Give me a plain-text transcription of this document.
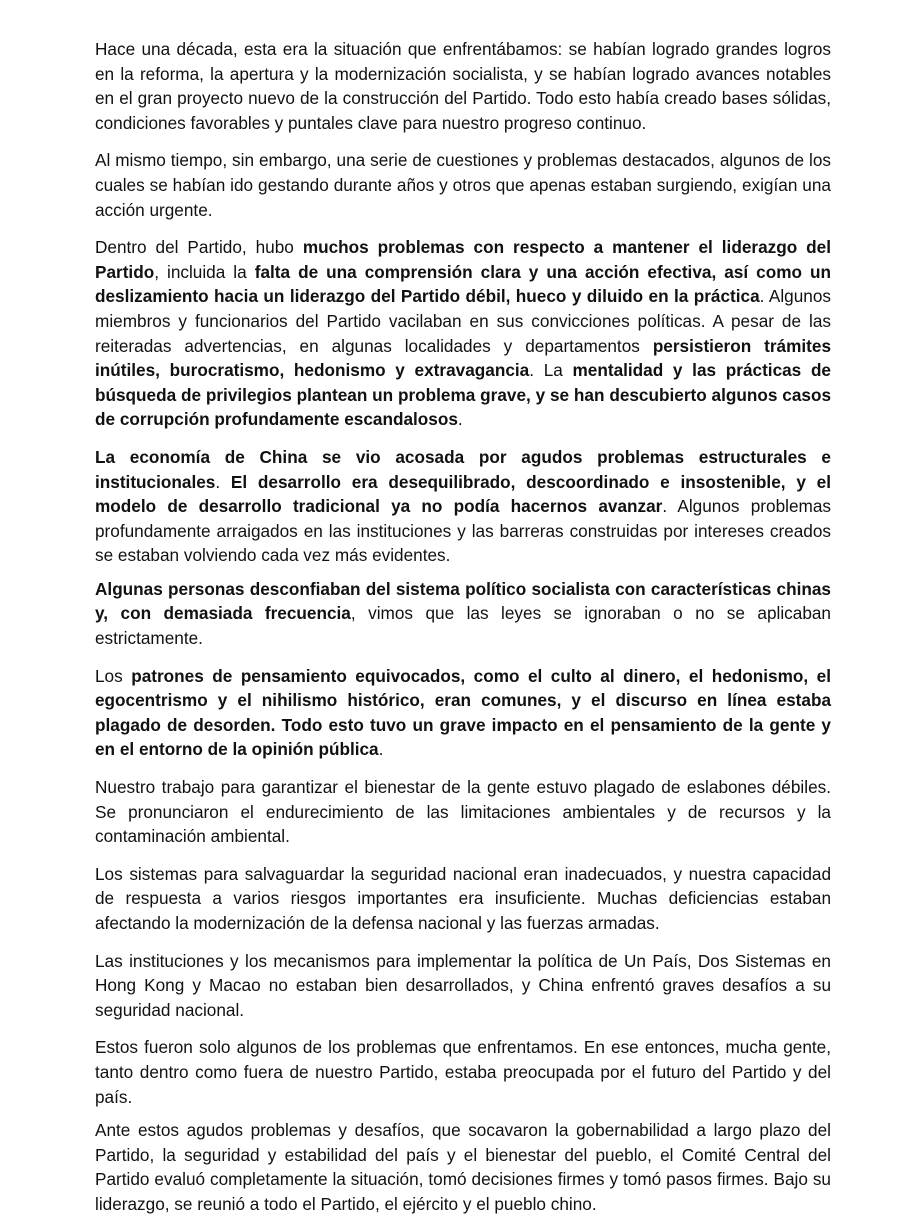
Hace una década, esta era la situación que enfrentábamos: se habían logrado grandes logros en la reforma, la apertura y la modernización socialista, y se habían logrado avances notables en el gran proyecto nuevo de la construcción del Partido. Todo esto había creado bases sólidas, condiciones favorables y puntales clave para nuestro progreso continuo.

Al mismo tiempo, sin embargo, una serie de cuestiones y problemas destacados, algunos de los cuales se habían ido gestando durante años y otros que apenas estaban surgiendo, exigían una acción urgente.

Dentro del Partido, hubo muchos problemas con respecto a mantener el liderazgo del Partido, incluida la falta de una comprensión clara y una acción efectiva, así como un deslizamiento hacia un liderazgo del Partido débil, hueco y diluido en la práctica. Algunos miembros y funcionarios del Partido vacilaban en sus convicciones políticas. A pesar de las reiteradas advertencias, en algunas localidades y departamentos persistieron trámites inútiles, burocratismo, hedonismo y extravagancia. La mentalidad y las prácticas de búsqueda de privilegios plantean un problema grave, y se han descubierto algunos casos de corrupción profundamente escandalosos.

La economía de China se vio acosada por agudos problemas estructurales e institucionales. El desarrollo era desequilibrado, descoordinado e insostenible, y el modelo de desarrollo tradicional ya no podía hacernos avanzar. Algunos problemas profundamente arraigados en las instituciones y las barreras construidas por intereses creados se estaban volviendo cada vez más evidentes.

Algunas personas desconfiaban del sistema político socialista con características chinas y, con demasiada frecuencia, vimos que las leyes se ignoraban o no se aplicaban estrictamente.

Los patrones de pensamiento equivocados, como el culto al dinero, el hedonismo, el egocentrismo y el nihilismo histórico, eran comunes, y el discurso en línea estaba plagado de desorden. Todo esto tuvo un grave impacto en el pensamiento de la gente y en el entorno de la opinión pública.

Nuestro trabajo para garantizar el bienestar de la gente estuvo plagado de eslabones débiles. Se pronunciaron el endurecimiento de las limitaciones ambientales y de recursos y la contaminación ambiental.

Los sistemas para salvaguardar la seguridad nacional eran inadecuados, y nuestra capacidad de respuesta a varios riesgos importantes era insuficiente. Muchas deficiencias estaban afectando la modernización de la defensa nacional y las fuerzas armadas.

Las instituciones y los mecanismos para implementar la política de Un País, Dos Sistemas en Hong Kong y Macao no estaban bien desarrollados, y China enfrentó graves desafíos a su seguridad nacional.

Estos fueron solo algunos de los problemas que enfrentamos. En ese entonces, mucha gente, tanto dentro como fuera de nuestro Partido, estaba preocupada por el futuro del Partido y del país.

Ante estos agudos problemas y desafíos, que socavaron la gobernabilidad a largo plazo del Partido, la seguridad y estabilidad del país y el bienestar del pueblo, el Comité Central del Partido evaluó completamente la situación, tomó decisiones firmes y tomó pasos firmes. Bajo su liderazgo, se reunió a todo el Partido, el ejército y el pueblo chino.
